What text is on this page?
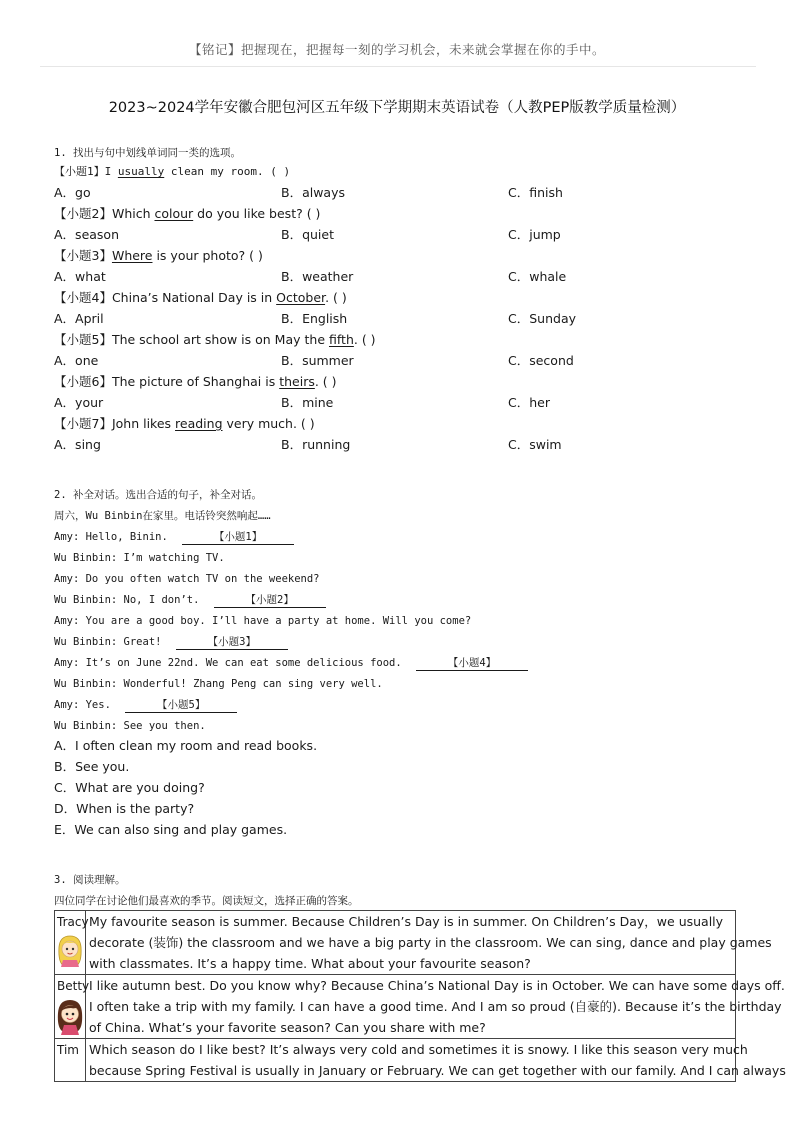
【铭记】把握现在，把握每一刻的学习机会，未来就会掌握在你的手中。
2023~2024学年安徽合肥包河区五年级下学期期末英语试卷（人教PEP版教学质量检测）
1. 找出与句中划线单词同一类的选项。
【小题1】I usually clean my room. ( )
A．go	B．always	C．finish
【小题2】Which colour do you like best? ( )
A．season	B．quiet	C．jump
【小题3】Where is your photo? ( )
A．what	B．weather	C．whale
【小题4】China’s National Day is in October. ( )
A．April	B．English	C．Sunday
【小题5】The school art show is on May the fifth. ( )
A．one	B．summer	C．second
【小题6】The picture of Shanghai is theirs. ( )
A．your	B．mine	C．her
【小题7】John likes reading very much. ( )
A．sing	B．running	C．swim
2. 补全对话。选出合适的句子，补全对话。
周六，Wu Binbin在家里。电话铃突然响起……
Amy: Hello, Binin.	【小题1】
Wu Binbin: I’m watching TV.
Amy: Do you often watch TV on the weekend?
Wu Binbin: No, I don’t.	【小题2】
Amy: You are a good boy. I’ll have a party at home. Will you come?
Wu Binbin: Great!	【小题3】
Amy: It’s on June 22nd. We can eat some delicious food.	【小题4】
Wu Binbin: Wonderful! Zhang Peng can sing very well.
Amy: Yes.	【小题5】
Wu Binbin: See you then.
A．I often clean my room and read books.
B．See you.
C．What are you doing?
D．When is the party?
E．We can also sing and play games.
3. 阅读理解。
四位同学在讨论他们最喜欢的季节。阅读短文，选择正确的答案。
Tracy	My favourite season is summer. Because Children’s Day is in summer. On Children’s Day，we usually
decorate (装饰) the classroom and we have a big party in the classroom. We can sing, dance and play games
with classmates. It’s a happy time. What about your favourite season?

Betty	I like autumn best. Do you know why? Because China’s National Day is in October. We can have some days off.
I often take a trip with my family. I can have a good time. And I am so proud (自豪的). Because it’s the birthday
of China. What’s your favorite season? Can you share with me?

Tim	Which season do I like best? It’s always very cold and sometimes it is snowy. I like this season very much
because Spring Festival is usually in January or February. We can get together with our family. And I can always
